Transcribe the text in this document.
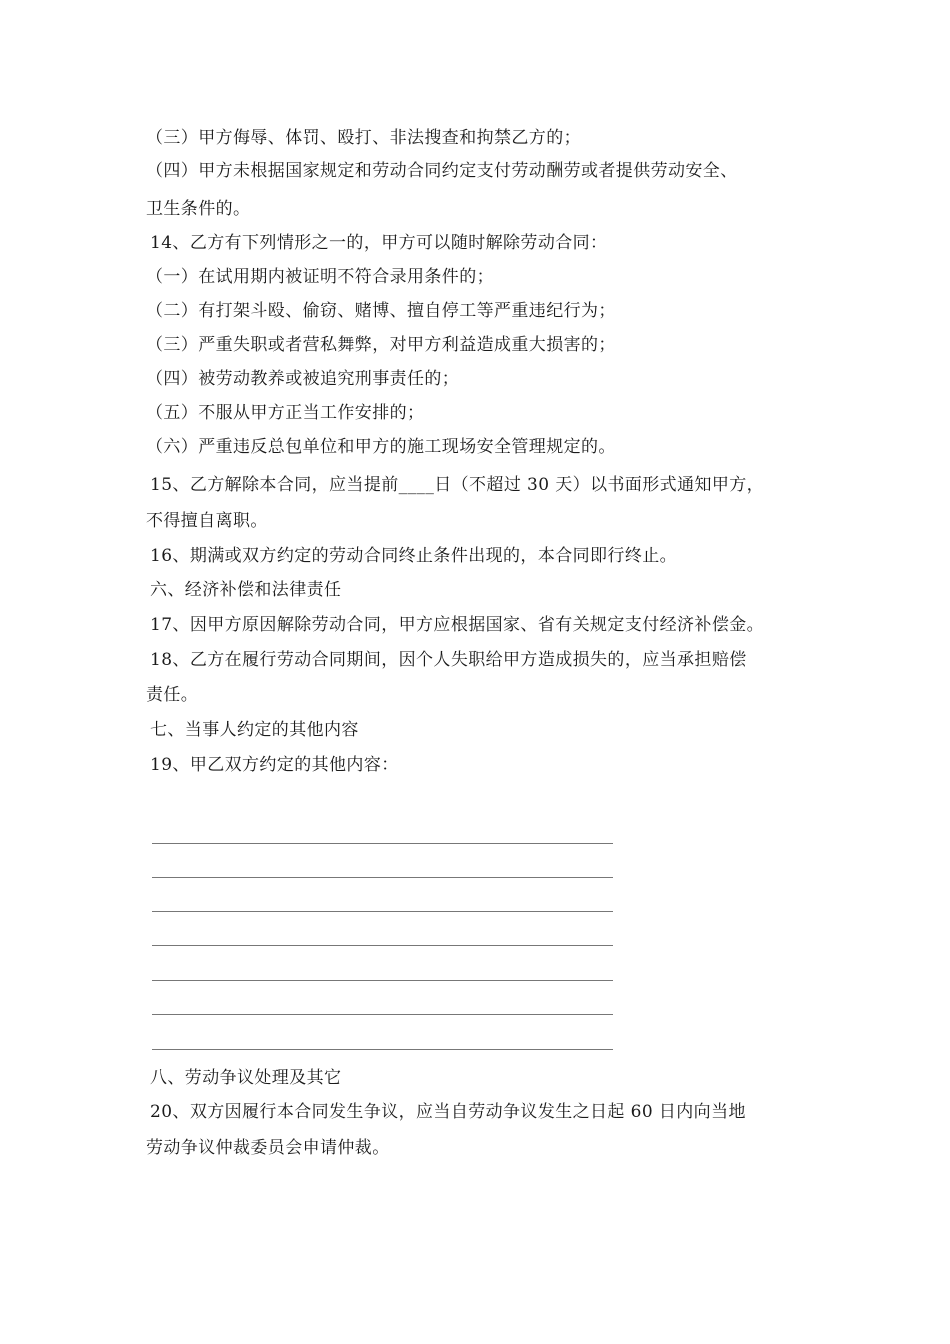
（三）甲方侮辱、体罚、殴打、非法搜查和拘禁乙方的；
（四）甲方未根据国家规定和劳动合同约定支付劳动酬劳或者提供劳动安全、
卫生条件的。
14、乙方有下列情形之一的，甲方可以随时解除劳动合同：
（一）在试用期内被证明不符合录用条件的；
（二）有打架斗殴、偷窃、赌博、擅自停工等严重违纪行为；
（三）严重失职或者营私舞弊，对甲方利益造成重大损害的；
（四）被劳动教养或被追究刑事责任的；
（五）不服从甲方正当工作安排的；
（六）严重违反总包单位和甲方的施工现场安全管理规定的。
15、乙方解除本合同，应当提前____日（不超过 30 天）以书面形式通知甲方，
不得擅自离职。
16、期满或双方约定的劳动合同终止条件出现的，本合同即行终止。
六、经济补偿和法律责任
17、因甲方原因解除劳动合同，甲方应根据国家、省有关规定支付经济补偿金。
18、乙方在履行劳动合同期间，因个人失职给甲方造成损失的，应当承担赔偿
责任。
七、当事人约定的其他内容
19、甲乙双方约定的其他内容：
八、劳动争议处理及其它
20、双方因履行本合同发生争议，应当自劳动争议发生之日起 60 日内向当地
劳动争议仲裁委员会申请仲裁。
